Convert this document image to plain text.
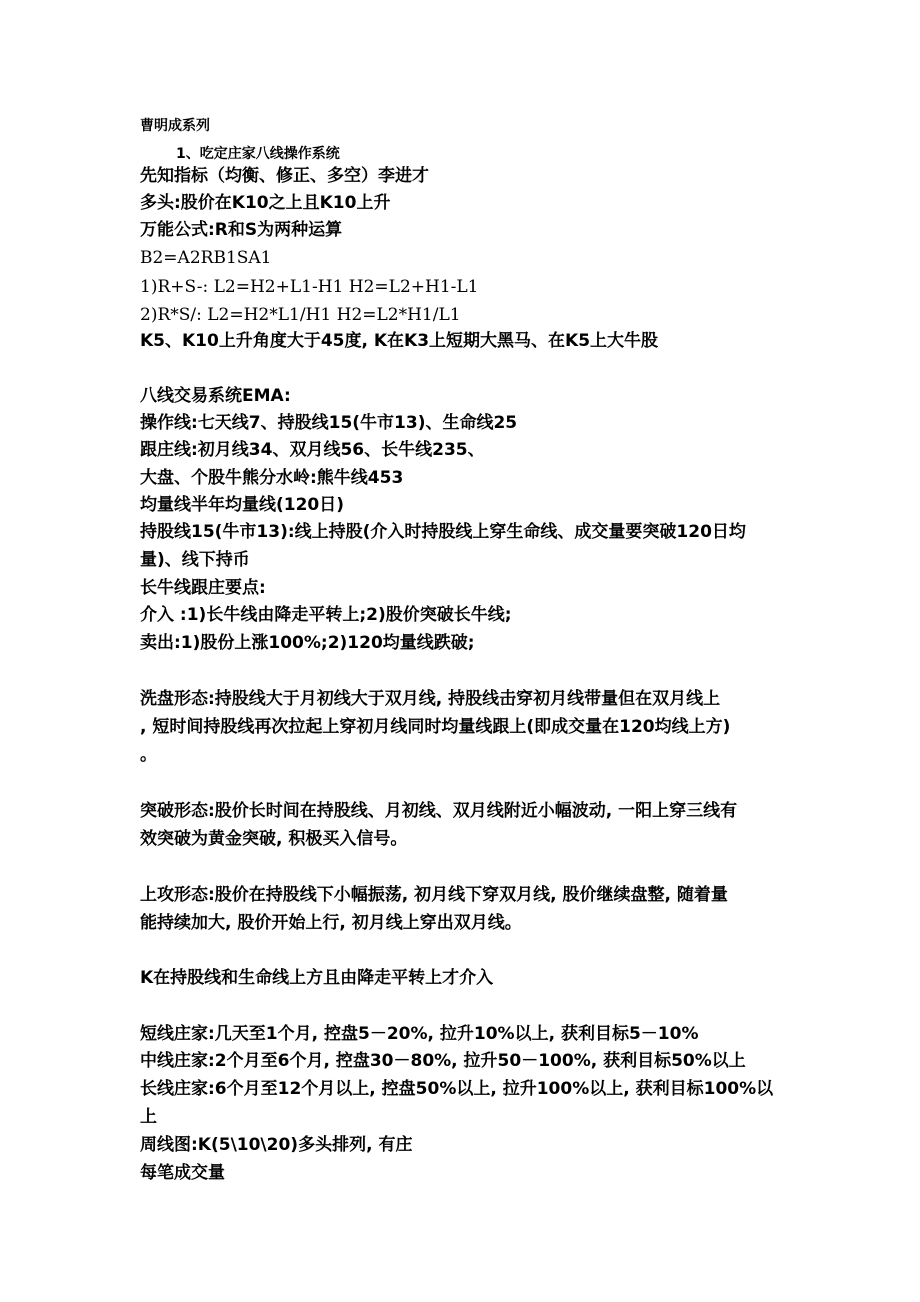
曹明成系列
1、吃定庄家八线操作系统
先知指标（均衡、修正、多空）李进才
多头:股价在K10之上且K10上升
万能公式:R和S为两种运算
B2=A2RB1SA1
1)R+S-: L2=H2+L1-H1 H2=L2+H1-L1
2)R*S/: L2=H2*L1/H1 H2=L2*H1/L1
K5、K10上升角度大于45度, K在K3上短期大黑马、在K5上大牛股
八线交易系统EMA:
操作线:七天线7、持股线15(牛市13)、生命线25
跟庄线:初月线34、双月线56、长牛线235、
大盘、个股牛熊分水岭:熊牛线453
均量线半年均量线(120日)
持股线15(牛市13):线上持股(介入时持股线上穿生命线、成交量要突破120日均
量)、线下持币
长牛线跟庄要点:
介入 :1)长牛线由降走平转上;2)股价突破长牛线;
卖出:1)股份上涨100%;2)120均量线跌破;
洗盘形态:持股线大于月初线大于双月线, 持股线击穿初月线带量但在双月线上
, 短时间持股线再次拉起上穿初月线同时均量线跟上(即成交量在120均线上方)
。
突破形态:股价长时间在持股线、月初线、双月线附近小幅波动, 一阳上穿三线有
效突破为黄金突破, 积极买入信号。
上攻形态:股价在持股线下小幅振荡, 初月线下穿双月线, 股价继续盘整, 随着量
能持续加大, 股价开始上行, 初月线上穿出双月线。
K在持股线和生命线上方且由降走平转上才介入
短线庄家:几天至1个月, 控盘5－20%, 拉升10%以上, 获利目标5－10%
中线庄家:2个月至6个月, 控盘30－80%, 拉升50－100%, 获利目标50%以上
长线庄家:6个月至12个月以上, 控盘50%以上, 拉升100%以上, 获利目标100%以
上
周线图:K(5\10\20)多头排列, 有庄
每笔成交量
